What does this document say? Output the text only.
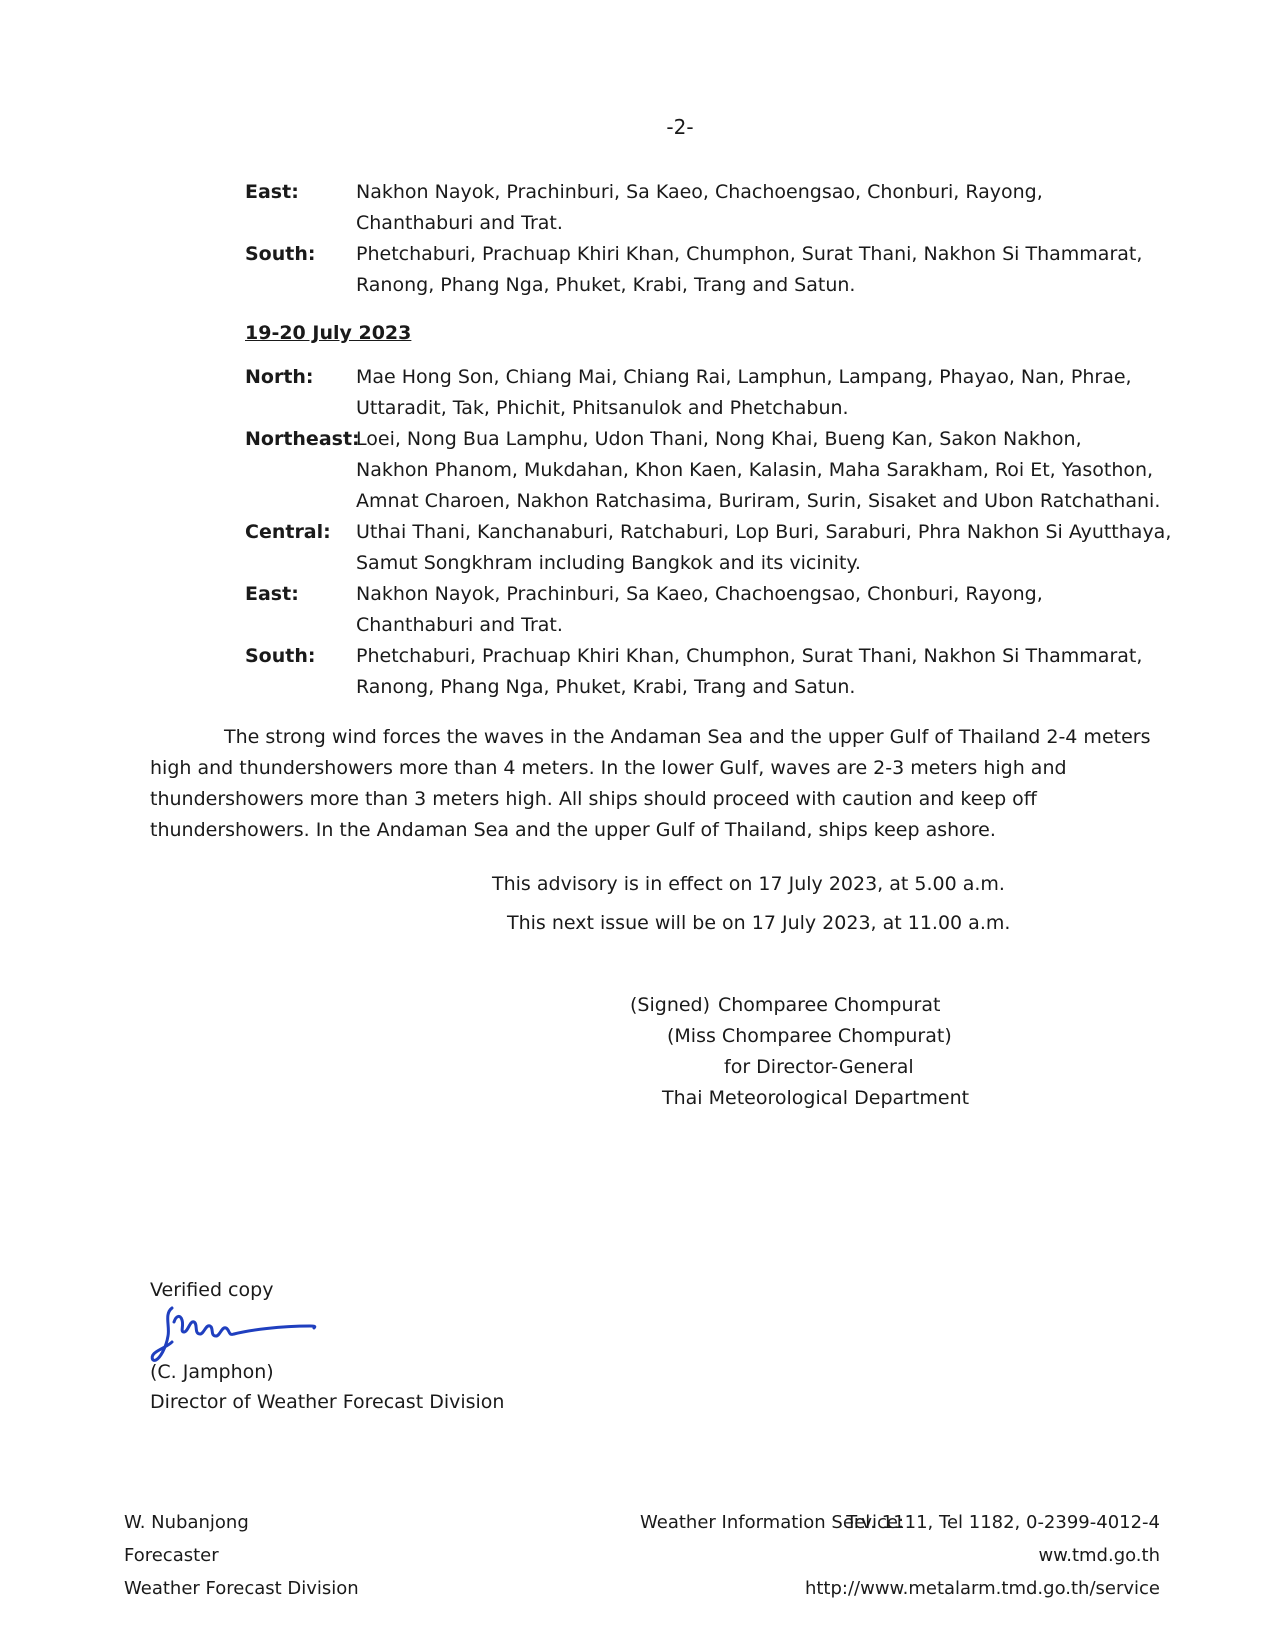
-2-
East:	Nakhon Nayok, Prachinburi, Sa Kaeo, Chachoengsao, Chonburi, Rayong,
Chanthaburi and Trat.
South: Phetchaburi, Prachuap Khiri Khan, Chumphon, Surat Thani, Nakhon Si Thammarat,
Ranong, Phang Nga, Phuket, Krabi, Trang and Satun.
19-20 July 2023
North: Mae Hong Son, Chiang Mai, Chiang Rai, Lamphun, Lampang, Phayao, Nan, Phrae,
Uttaradit, Tak, Phichit, Phitsanulok and Phetchabun.
Northeast:
Loei, Nong Bua Lamphu, Udon Thani, Nong Khai, Bueng Kan, Sakon Nakhon,
Nakhon Phanom, Mukdahan, Khon Kaen, Kalasin, Maha Sarakham, Roi Et, Yasothon,
Amnat Charoen, Nakhon Ratchasima, Buriram, Surin, Sisaket and Ubon Ratchathani.
Central: Uthai Thani, Kanchanaburi, Ratchaburi, Lop Buri, Saraburi, Phra Nakhon Si Ayutthaya,
Samut Songkhram including Bangkok and its vicinity.
East:	Nakhon Nayok, Prachinburi, Sa Kaeo, Chachoengsao, Chonburi, Rayong,
Chanthaburi and Trat.
South: Phetchaburi, Prachuap Khiri Khan, Chumphon, Surat Thani, Nakhon Si Thammarat,
Ranong, Phang Nga, Phuket, Krabi, Trang and Satun.
The strong wind forces the waves in the Andaman Sea and the upper Gulf of Thailand 2-4 meters
high and thundershowers more than 4 meters. In the lower Gulf, waves are 2-3 meters high and
thundershowers more than 3 meters high. All ships should proceed with caution and keep off
thundershowers. In the Andaman Sea and the upper Gulf of Thailand, ships keep ashore.
This advisory is in effect on 17 July 2023, at 5.00 a.m.
This next issue will be on 17 July 2023, at 11.00 a.m.
(Signed) Chomparee Chompurat
(Miss Chomparee Chompurat)
for Director-General
Thai Meteorological Department
Verified copy
(C. Jamphon)
Director of Weather Forecast Division
W. Nubanjong
Forecaster
Weather Forecast Division
Weather Information Service:
Tel. 1111, Tel 1182, 0-2399-4012-4
ww.tmd.go.th
http://www.metalarm.tmd.go.th/service
